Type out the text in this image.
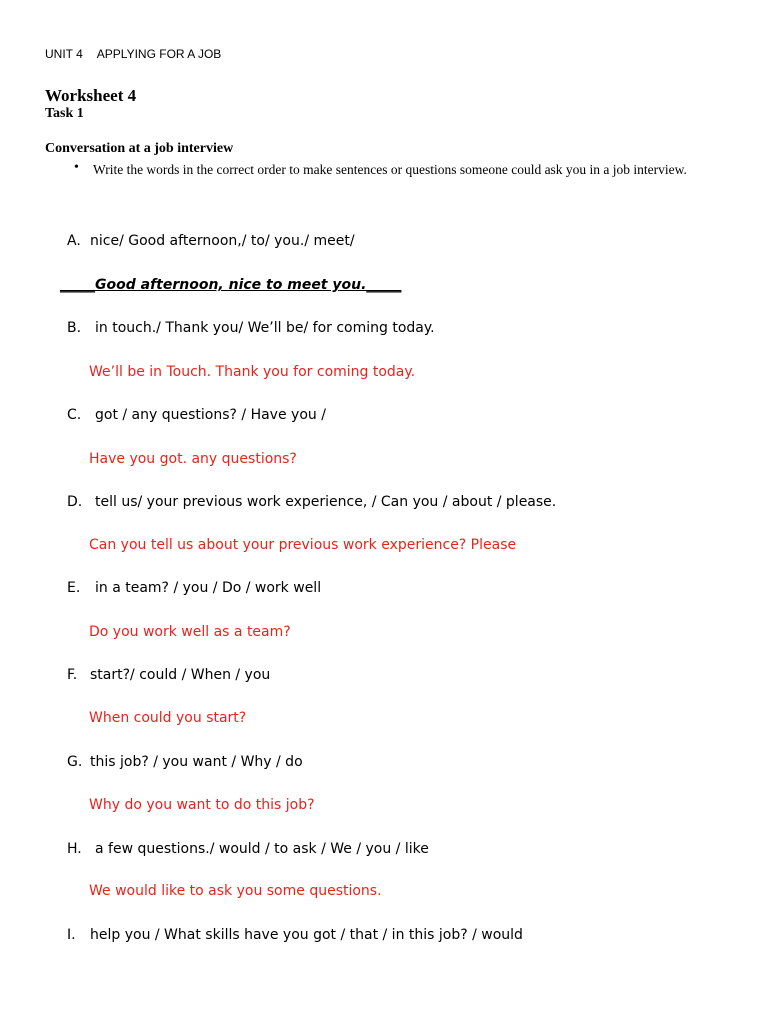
UNIT 4 APPLYING FOR A JOB
Worksheet 4
Task 1
Conversation at a job interview
• Write the words in the correct order to make sentences or questions someone could ask you in a job interview.
A. nice/ Good afternoon,/ to/ you./ meet/
_____Good afternoon, nice to meet you._____
B. in touch./ Thank you/ We’ll be/ for coming today.
We’ll be in Touch. Thank you for coming today.
C. got / any questions? / Have you /
Have you got. any questions?
D. tell us/ your previous work experience, / Can you / about / please.
Can you tell us about your previous work experience? Please
E. in a team? / you / Do / work well
Do you work well as a team?
F. start?/ could / When / you
When could you start?
G. this job? / you want / Why / do
Why do you want to do this job?
H. a few questions./ would / to ask / We / you / like
We would like to ask you some questions.
I. help you / What skills have you got / that / in this job? / would
